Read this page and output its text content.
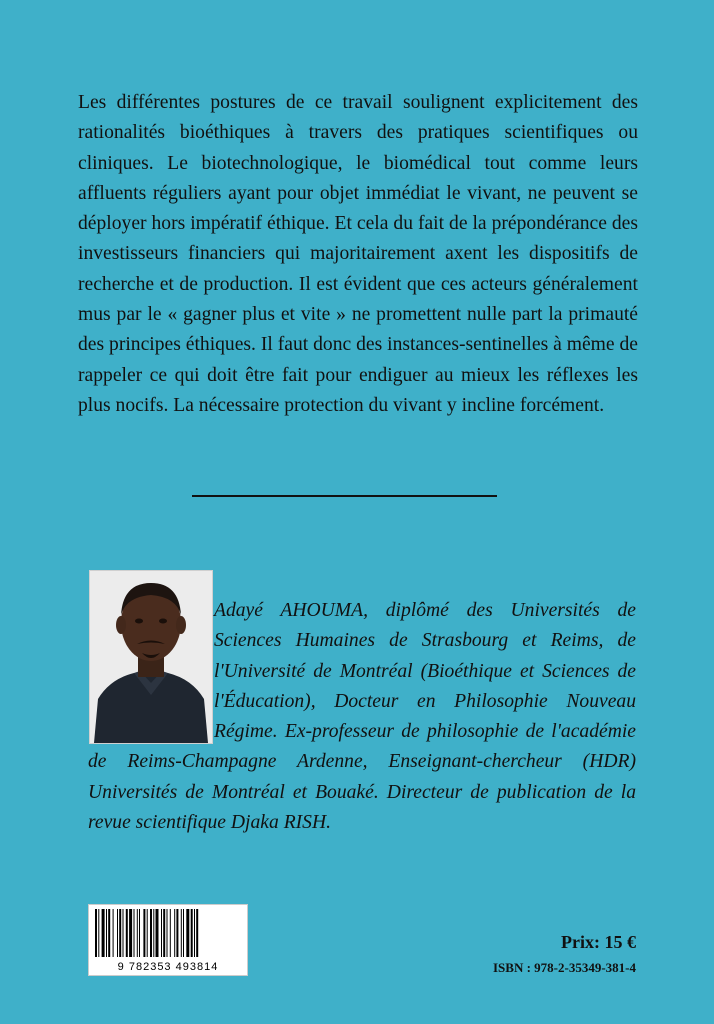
Les différentes postures de ce travail soulignent explicitement des rationalités bioéthiques à travers des pratiques scientifiques ou cliniques. Le biotechnologique, le biomédical tout comme leurs affluents réguliers ayant pour objet immédiat le vivant, ne peuvent se déployer hors impératif éthique. Et cela du fait de la prépondérance des investisseurs financiers qui majoritairement axent les dispositifs de recherche et de production. Il est évident que ces acteurs généralement mus par le « gagner plus et vite » ne promettent nulle part la primauté des principes éthiques. Il faut donc des instances-sentinelles à même de rappeler ce qui doit être fait pour endiguer au mieux les réflexes les plus nocifs. La nécessaire protection du vivant y incline forcément.

Adayé AHOUMA, diplômé des Universités de Sciences Humaines de Strasbourg et Reims, de l'Université de Montréal (Bioéthique et Sciences de l'Éducation), Docteur en Philosophie Nouveau Régime. Ex-professeur de philosophie de l'académie de Reims-Champagne Ardenne, Enseignant-chercheur (HDR) Universités de Montréal et Bouaké. Directeur de publication de la revue scientifique Djaka RISH.

9 782353 493814
Prix: 15 €
ISBN : 978-2-35349-381-4
